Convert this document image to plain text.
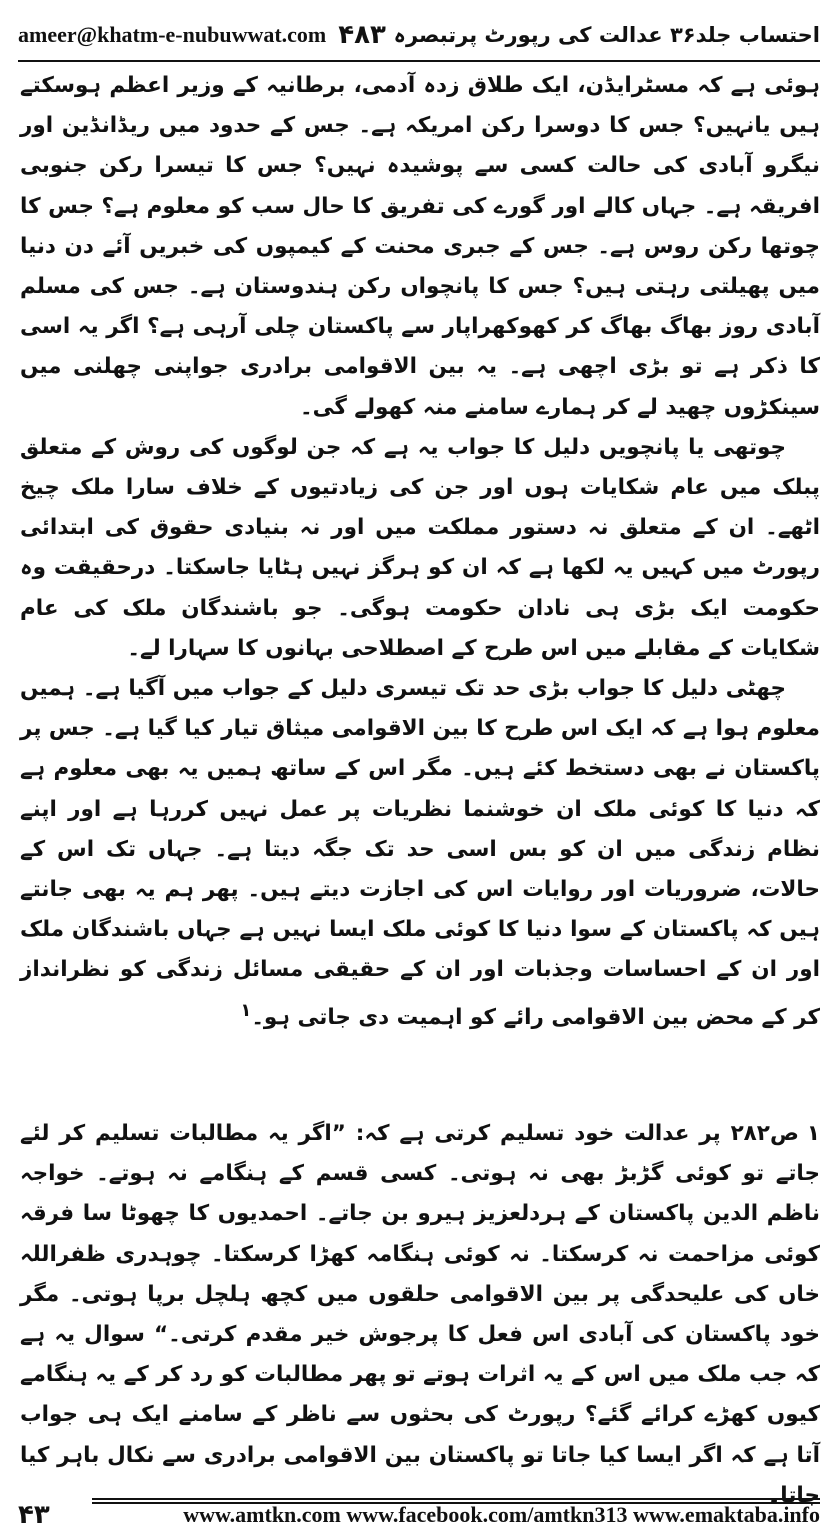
ameer@khatm-e-nubuwwat.com ۴۸۳ احتساب جلد۳۶ عدالت کی رپورٹ پرتبصرہ

ہوئی ہے کہ مسٹرایڈن، ایک طلاق زدہ آدمی، برطانیہ کے وزیر اعظم ہوسکتے ہیں یانہیں؟ جس کا دوسرا رکن امریکہ ہے۔ جس کے حدود میں ریڈانڈین اور نیگرو آبادی کی حالت کسی سے پوشیدہ نہیں؟ جس کا تیسرا رکن جنوبی افریقہ ہے۔ جہاں کالے اور گورے کی تفریق کا حال سب کو معلوم ہے؟ جس کا چوتھا رکن روس ہے۔ جس کے جبری محنت کے کیمپوں کی خبریں آئے دن دنیا میں پھیلتی رہتی ہیں؟ جس کا پانچواں رکن ہندوستان ہے۔ جس کی مسلم آبادی روز بھاگ بھاگ کر کھوکھراپار سے پاکستان چلی آرہی ہے؟ اگر یہ اسی کا ذکر ہے تو بڑی اچھی ہے۔ یہ بین الاقوامی برادری جواپنی چھلنی میں سینکڑوں چھید لے کر ہمارے سامنے منہ کھولے گی۔

چوتھی یا پانچویں دلیل کا جواب یہ ہے کہ جن لوگوں کی روش کے متعلق پبلک میں عام شکایات ہوں اور جن کی زیادتیوں کے خلاف سارا ملک چیخ اٹھے۔ ان کے متعلق نہ دستور مملکت میں اور نہ بنیادی حقوق کی ابتدائی رپورٹ میں کہیں یہ لکھا ہے کہ ان کو ہرگز نہیں ہٹایا جاسکتا۔ درحقیقت وہ حکومت ایک بڑی ہی نادان حکومت ہوگی۔ جو باشندگان ملک کی عام شکایات کے مقابلے میں اس طرح کے اصطلاحی بہانوں کا سہارا لے۔

چھٹی دلیل کا جواب بڑی حد تک تیسری دلیل کے جواب میں آگیا ہے۔ ہمیں معلوم ہوا ہے کہ ایک اس طرح کا بین الاقوامی میثاق تیار کیا گیا ہے۔ جس پر پاکستان نے بھی دستخط کئے ہیں۔ مگر اس کے ساتھ ہمیں یہ بھی معلوم ہے کہ دنیا کا کوئی ملک ان خوشنما نظریات پر عمل نہیں کررہا ہے اور اپنے نظام زندگی میں ان کو بس اسی حد تک جگہ دیتا ہے۔ جہاں تک اس کے حالات، ضروریات اور روایات اس کی اجازت دیتے ہیں۔ پھر ہم یہ بھی جانتے ہیں کہ پاکستان کے سوا دنیا کا کوئی ملک ایسا نہیں ہے جہاں باشندگان ملک اور ان کے احساسات وجذبات اور ان کے حقیقی مسائل زندگی کو نظرانداز کر کے محض بین الاقوامی رائے کو اہمیت دی جاتی ہو۔$^۱$

۱ص۲۸۲ پر عدالت خود تسلیم کرتی ہے کہ: ”اگر یہ مطالبات تسلیم کر لئے جاتے تو کوئی گڑبڑ بھی نہ ہوتی۔ کسی قسم کے ہنگامے نہ ہوتے۔ خواجہ ناظم الدین پاکستان کے ہردلعزیز ہیرو بن جاتے۔ احمدیوں کا چھوٹا سا فرقہ کوئی مزاحمت نہ کرسکتا۔ نہ کوئی ہنگامہ کھڑا کرسکتا۔ چوہدری ظفراللہ خاں کی علیحدگی پر بین الاقوامی حلقوں میں کچھ ہلچل برپا ہوتی۔ مگر خود پاکستان کی آبادی اس فعل کا پرجوش خیر مقدم کرتی۔“ سوال یہ ہے کہ جب ملک میں اس کے یہ اثرات ہوتے تو پھر مطالبات کو رد کر کے یہ ہنگامے کیوں کھڑے کرائے گئے؟ رپورٹ کی بحثوں سے ناظر کے سامنے ایک ہی جواب آتا ہے کہ اگر ایسا کیا جاتا تو پاکستان بین الاقوامی برادری سے نکال باہر کیا جاتا۔

۴۳	www.amtkn.com www.facebook.com/amtkn313 www.emaktaba.info
